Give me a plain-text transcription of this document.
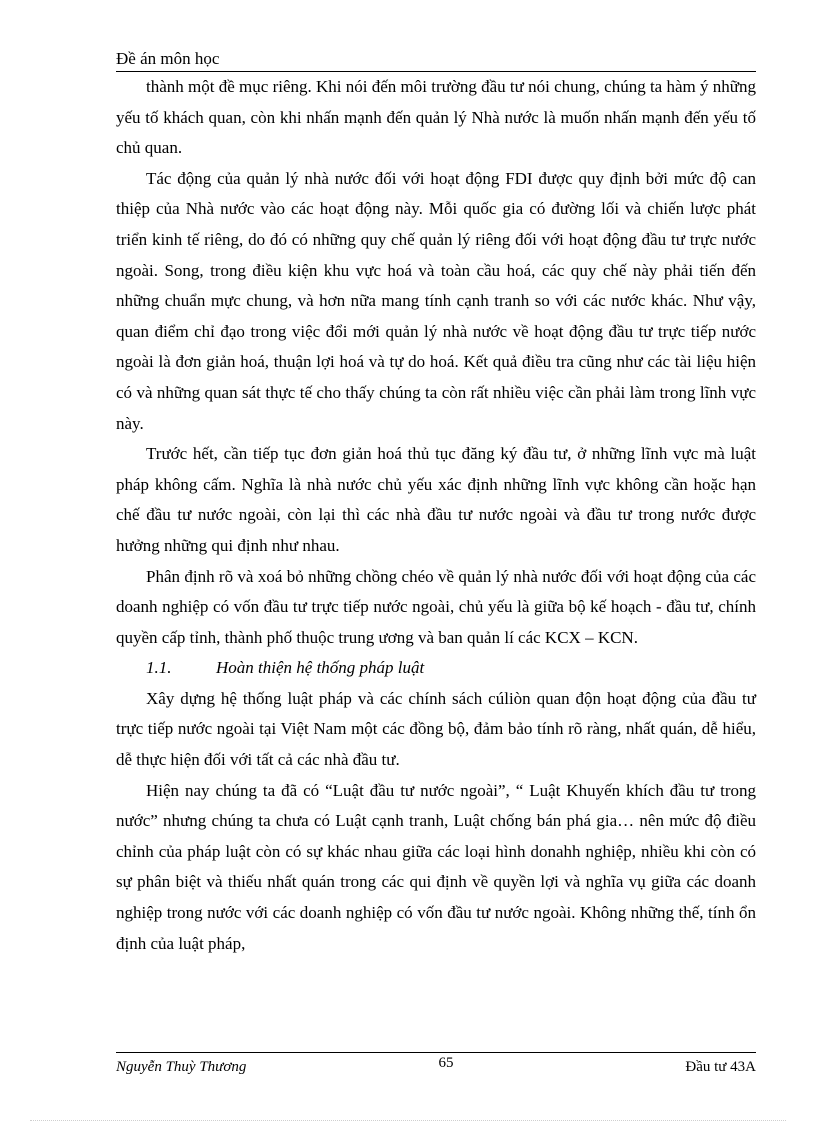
Đề án môn học

thành một đề mục riêng. Khi nói đến môi trường đầu tư nói chung, chúng ta hàm ý những yếu tố khách quan, còn khi nhấn mạnh đến quản lý Nhà nước là muốn nhấn mạnh đến yếu tố chủ quan.

Tác động của quản lý nhà nước đối với hoạt động FDI được quy định bởi mức độ can thiệp của Nhà nước vào các hoạt động này. Mỗi quốc gia có đường lối và chiến lược phát triển kinh tế riêng, do đó có những quy chế quản lý riêng đối với hoạt động đầu tư trực nước ngoài. Song, trong điều kiện khu vực hoá và toàn cầu hoá, các quy chế này phải tiến đến những chuẩn mực chung, và hơn nữa mang tính cạnh tranh so với các nước khác. Như vậy, quan điểm chỉ đạo trong việc đổi mới quản lý nhà nước về hoạt động đầu tư trực tiếp nước ngoài là đơn giản hoá, thuận lợi hoá và tự do hoá. Kết quả điều tra cũng như các tài liệu hiện có và những quan sát thực tế cho thấy chúng ta còn rất nhiều việc cần phải làm trong lĩnh vực này.

Trước hết, cần tiếp tục đơn giản hoá thủ tục đăng ký đầu tư, ở những lĩnh vực mà luật pháp không cấm. Nghĩa là nhà nước chủ yếu xác định những lĩnh vực không cần hoặc hạn chế đầu tư nước ngoài, còn lại thì các nhà đầu tư nước ngoài và đầu tư trong nước được hưởng những qui định như nhau.

Phân định rõ và xoá bỏ những chồng chéo về quản lý nhà nước đối với hoạt động của các doanh nghiệp có vốn đầu tư trực tiếp nước ngoài, chủ yếu là giữa bộ kế hoạch - đầu tư, chính quyền cấp tỉnh, thành phố thuộc trung ương và ban quản lí các KCX – KCN.

1.1.	Hoàn thiện hệ thống pháp luật

Xây dựng hệ thống luật pháp và các chính sách cúliòn quan độn hoạt động của đầu tư trực tiếp nước ngoài tại Việt Nam một các đồng bộ, đảm bảo tính rõ ràng, nhất quán, dễ hiểu, dễ thực hiện đối với tất cả các nhà đầu tư.

Hiện nay chúng ta đã có “Luật đầu tư nước ngoài”, “ Luật Khuyến khích đầu tư trong nước” nhưng chúng ta chưa có Luật cạnh tranh, Luật chống bán phá gia… nên mức độ điều chỉnh của pháp luật còn có sự khác nhau giữa các loại hình donahh nghiệp, nhiều khi còn có sự phân biệt và thiếu nhất quán trong các qui định về quyền lợi và nghĩa vụ giữa các doanh nghiệp trong nước với các doanh nghiệp có vốn đầu tư nước ngoài. Không những thế, tính ổn định của luật pháp,

Nguyễn Thuỳ Thương	65	Đầu tư 43A
